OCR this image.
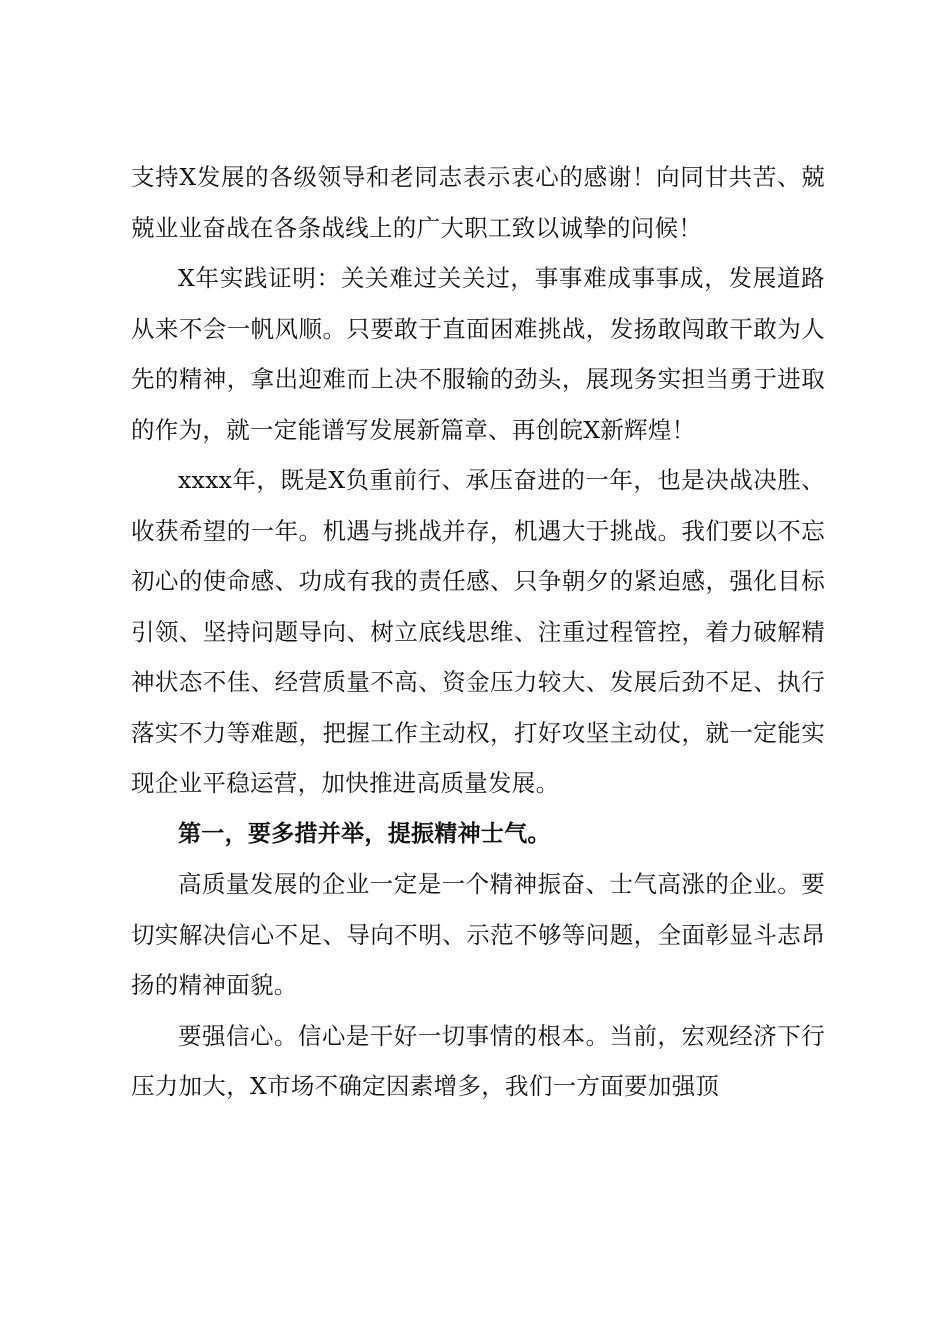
支持X发展的各级领导和老同志表示衷心的感谢！向同甘共苦、兢兢业业奋战在各条战线上的广大职工致以诚挚的问候！

X年实践证明：关关难过关关过，事事难成事事成，发展道路从来不会一帆风顺。只要敢于直面困难挑战，发扬敢闯敢干敢为人先的精神，拿出迎难而上决不服输的劲头，展现务实担当勇于进取的作为，就一定能谱写发展新篇章、再创皖X新辉煌！

xxxx年，既是X负重前行、承压奋进的一年，也是决战决胜、收获希望的一年。机遇与挑战并存，机遇大于挑战。我们要以不忘初心的使命感、功成有我的责任感、只争朝夕的紧迫感，强化目标引领、坚持问题导向、树立底线思维、注重过程管控，着力破解精神状态不佳、经营质量不高、资金压力较大、发展后劲不足、执行落实不力等难题，把握工作主动权，打好攻坚主动仗，就一定能实现企业平稳运营，加快推进高质量发展。

第一，要多措并举，提振精神士气。

高质量发展的企业一定是一个精神振奋、士气高涨的企业。要切实解决信心不足、导向不明、示范不够等问题，全面彰显斗志昂扬的精神面貌。

要强信心。信心是干好一切事情的根本。当前，宏观经济下行压力加大，X市场不确定因素增多，我们一方面要加强顶
